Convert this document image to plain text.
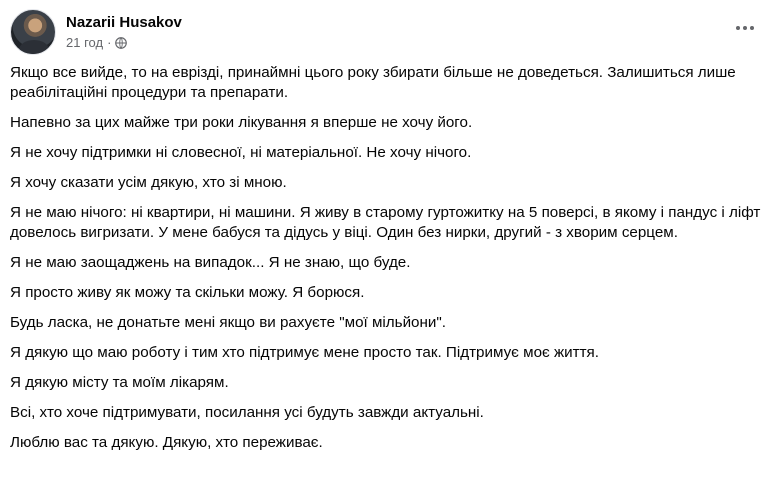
Nazarii Husakov
21 год ·

Якщо все вийде, то на еврізді, принаймні цього року збирати більше не доведеться. Залишиться лише реабілітаційні процедури та препарати.

Напевно за цих майже три роки лікування я вперше не хочу його.

Я не хочу підтримки ні словесної, ні матеріальної. Не хочу нічого.

Я хочу сказати усім дякую, хто зі мною.

Я не маю нічого: ні квартири, ні машини. Я живу в старому гуртожитку на 5 поверсі, в якому і пандус і ліфт довелось вигризати. У мене бабуся та дідусь у віці. Один без нирки, другий - з хворим серцем.

Я не маю заощаджень на випадок... Я не знаю, що буде.

Я просто живу як можу та скільки можу. Я борюся.

Будь ласка, не донатьте мені якщо ви рахуєте "мої мільйони".

Я дякую що маю роботу і тим хто підтримує мене просто так. Підтримує моє життя.

Я дякую місту та моїм лікарям.

Всі, хто хоче підтримувати, посилання усі будуть завжди актуальні.

Люблю вас та дякую. Дякую, хто переживає.
